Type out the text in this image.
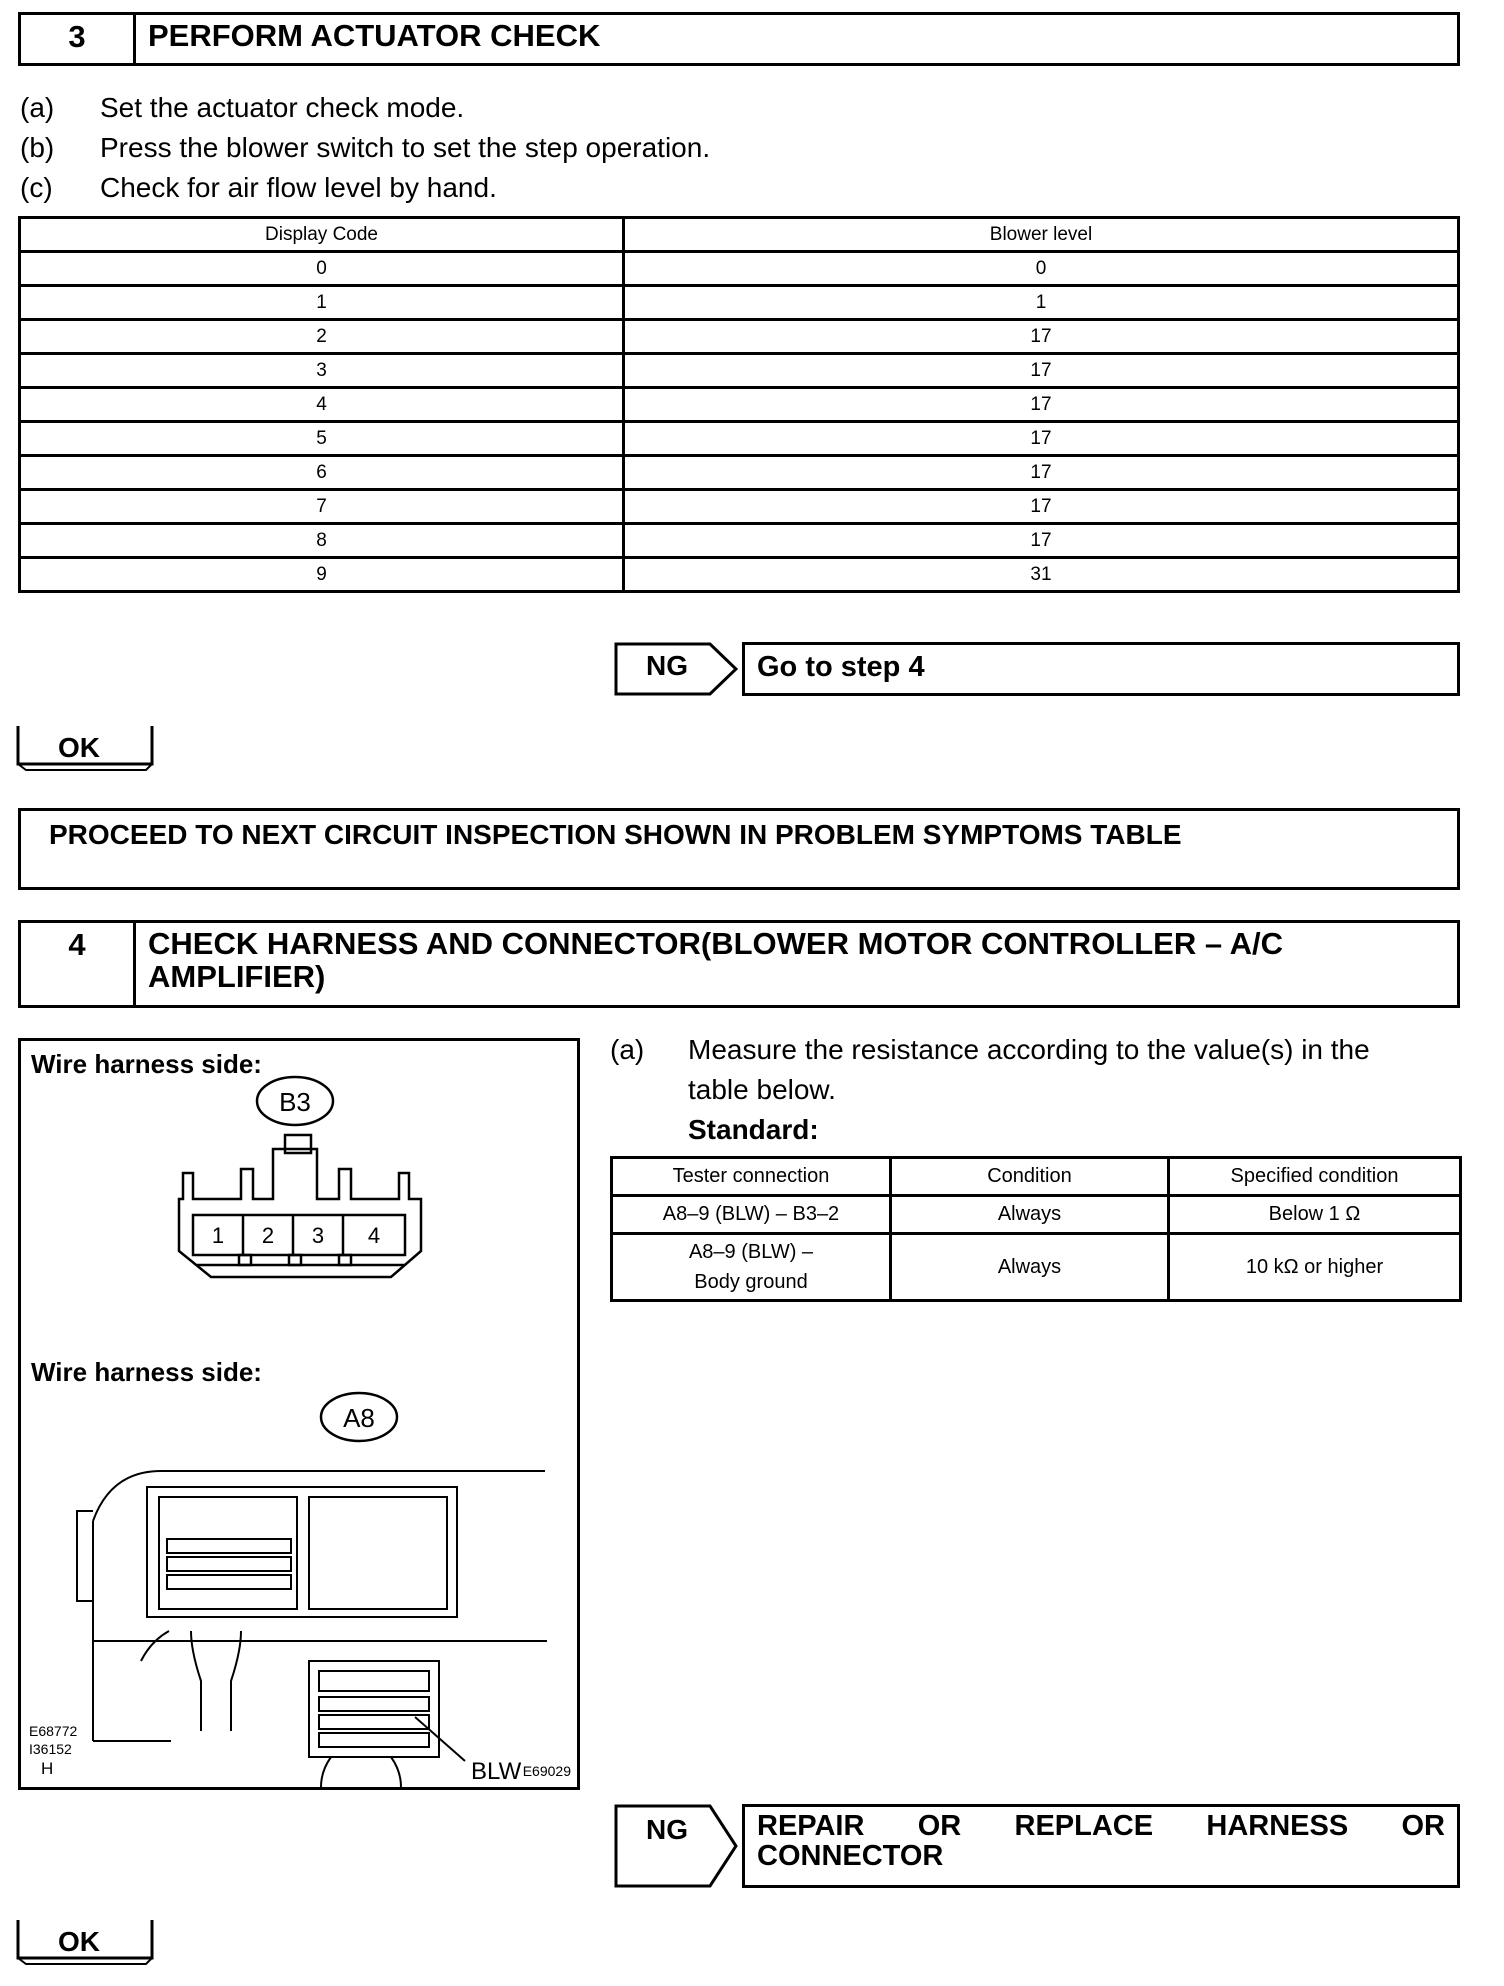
3	PERFORM ACTUATOR CHECK
(a)	Set the actuator check mode.
(b)	Press the blower switch to set the step operation.
(c)	Check for air flow level by hand.
Display Code	Blower level
0	0
1	1
2	17
3	17
4	17
5	17
6	17
7	17
8	17
9	31
NG	Go to step 4
OK
PROCEED TO NEXT CIRCUIT INSPECTION SHOWN IN PROBLEM SYMPTOMS TABLE
4	CHECK HARNESS AND CONNECTOR(BLOWER MOTOR CONTROLLER – A/C
AMPLIFIER)
Wire harness side:
Wire harness side:
B3
1 2 3 4
A8
BLW
E68772
I36152
H	E69029
(a)	Measure the resistance according to the value(s) in the
table below.
Standard:
Tester connection	Condition	Specified condition
A8–9 (BLW) – B3–2	Always	Below 1 Ω

A8–9 (BLW) –
Body ground	Always	10 kΩ or higher
NG REPAIR OR REPLACE HARNESS OR
CONNECTOR
OK
